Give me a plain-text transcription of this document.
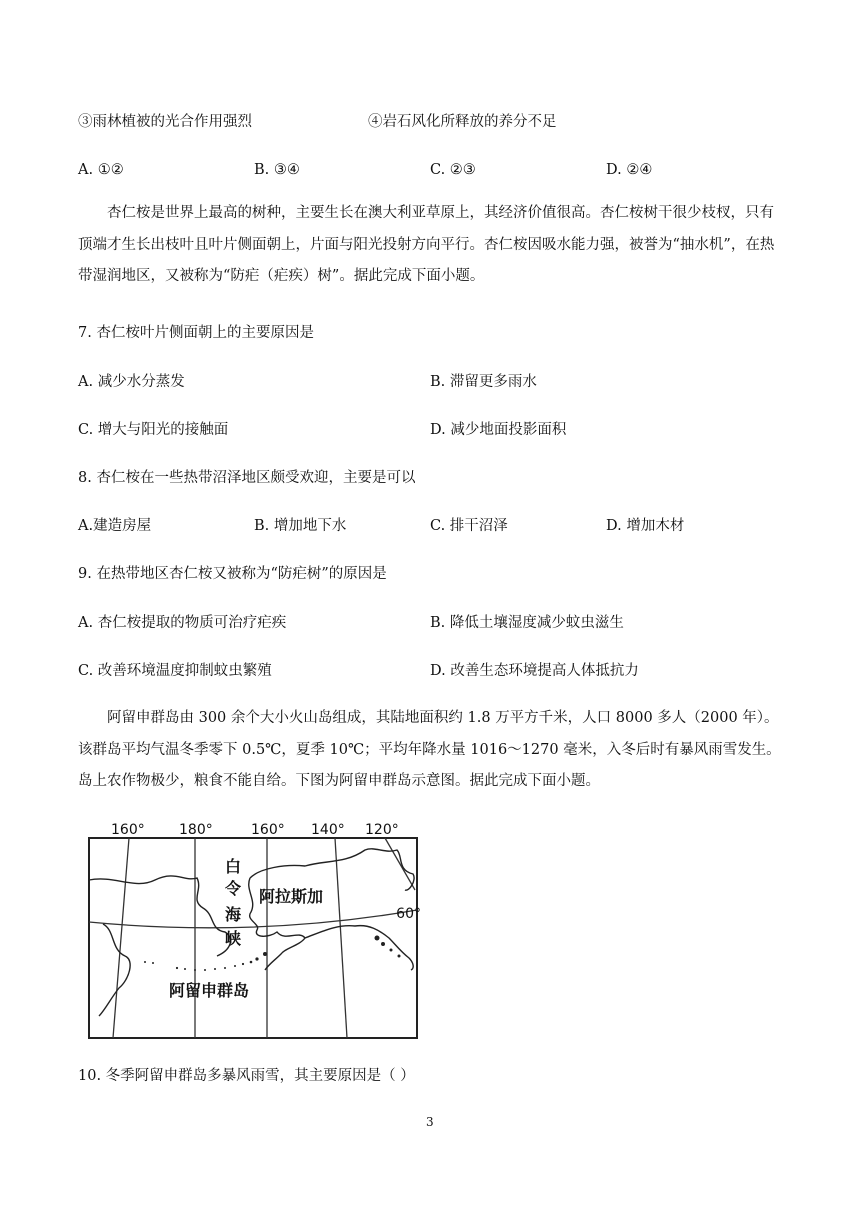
③雨林植被的光合作用强烈	④岩石风化所释放的养分不足
A. ①②	B. ③④	C. ②③	D. ②④
杏仁桉是世界上最高的树种，主要生长在澳大利亚草原上，其经济价值很高。杏仁桉树干很少枝杈，只有顶端才生长出枝叶且叶片侧面朝上，片面与阳光投射方向平行。杏仁桉因吸水能力强，被誉为“抽水机”，在热带湿润地区，又被称为“防疟（疟疾）树”。据此完成下面小题。
7. 杏仁桉叶片侧面朝上的主要原因是
A. 减少水分蒸发	B. 滞留更多雨水
C. 增大与阳光的接触面	D. 减少地面投影面积
8. 杏仁桉在一些热带沼泽地区颇受欢迎，主要是可以
A.建造房屋	B. 增加地下水	C. 排干沼泽	D. 增加木材
9. 在热带地区杏仁桉又被称为“防疟树”的原因是
A. 杏仁桉提取的物质可治疗疟疾	B. 降低土壤湿度减少蚊虫滋生
C. 改善环境温度抑制蚊虫繁殖	D. 改善生态环境提高人体抵抗力
阿留申群岛由 300 余个大小火山岛组成，其陆地面积约 1.8 万平方千米，人口 8000 多人（2000 年）。该群岛平均气温冬季零下 0.5℃，夏季 10℃；平均年降水量 1016～1270 毫米，入冬后时有暴风雨雪发生。岛上农作物极少，粮食不能自给。下图为阿留申群岛示意图。据此完成下面小题。
160° 180°	160° 140° 120°
60°
白
令
海
峡
阿拉斯加
阿留申群岛
10. 冬季阿留申群岛多暴风雨雪，其主要原因是（ ）
3
